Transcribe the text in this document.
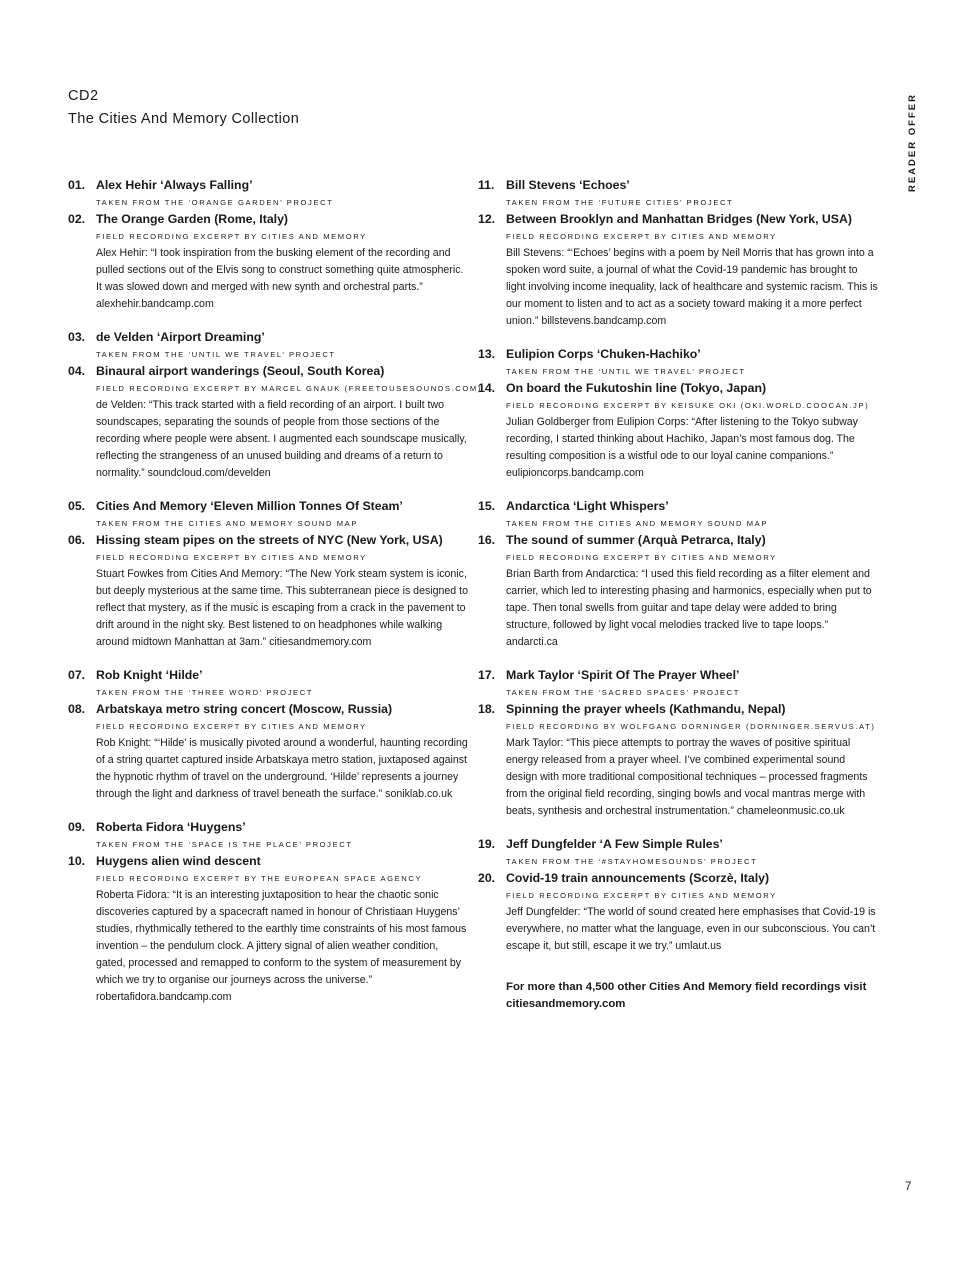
CD2
The Cities And Memory Collection	READER OFFER
01. Alex Hehir ‘Always Falling’
TAKEN FROM THE ‘ORANGE GARDEN’ PROJECT
02. The Orange Garden (Rome, Italy)
FIELD RECORDING EXCERPT BY CITIES AND MEMORY

Alex Hehir: “I took inspiration from the busking element of the recording and pulled sections out of the Elvis song to construct something quite atmospheric. It was slowed down and merged with new synth and orchestral parts.” alexhehir.bandcamp.com

03. de Velden ‘Airport Dreaming’
TAKEN FROM THE ‘UNTIL WE TRAVEL’ PROJECT
04. Binaural airport wanderings (Seoul, South Korea)
FIELD RECORDING EXCERPT BY MARCEL GNAUK (FREETOUSESOUNDS.COM)

de Velden: “This track started with a field recording of an airport. I built two soundscapes, separating the sounds of people from those sections of the recording where people were absent. I augmented each soundscape musically, reflecting the strangeness of an unused building and dreams of a return to normality.” soundcloud.com/develden

05. Cities And Memory ‘Eleven Million Tonnes Of Steam’
TAKEN FROM THE CITIES AND MEMORY SOUND MAP
06. Hissing steam pipes on the streets of NYC (New York, USA)
FIELD RECORDING EXCERPT BY CITIES AND MEMORY

Stuart Fowkes from Cities And Memory: “The New York steam system is iconic, but deeply mysterious at the same time. This subterranean piece is designed to reflect that mystery, as if the music is escaping from a crack in the pavement to drift around in the night sky. Best listened to on headphones while walking around midtown Manhattan at 3am.” citiesandmemory.com

07. Rob Knight ‘Hilde’
TAKEN FROM THE ‘THREE WORD’ PROJECT
08. Arbatskaya metro string concert (Moscow, Russia)
FIELD RECORDING EXCERPT BY CITIES AND MEMORY

Rob Knight: “‘Hilde’ is musically pivoted around a wonderful, haunting recording of a string quartet captured inside Arbatskaya metro station, juxtaposed against the hypnotic rhythm of travel on the underground. ‘Hilde’ represents a journey through the light and darkness of travel beneath the surface.” soniklab.co.uk

09. Roberta Fidora ‘Huygens’
TAKEN FROM THE ‘SPACE IS THE PLACE’ PROJECT
10. Huygens alien wind descent
FIELD RECORDING EXCERPT BY THE EUROPEAN SPACE AGENCY

Roberta Fidora: “It is an interesting juxtaposition to hear the chaotic sonic discoveries captured by a spacecraft named in honour of Christiaan Huygens’ studies, rhythmically tethered to the earthly time constraints of his most famous invention – the pendulum clock. A jittery signal of alien weather condition, gated, processed and remapped to conform to the system of measurement by which we try to organise our journeys across the universe.” robertafidora.bandcamp.com

11. Bill Stevens ‘Echoes’
TAKEN FROM THE ‘FUTURE CITIES’ PROJECT
12. Between Brooklyn and Manhattan Bridges (New York, USA)
FIELD RECORDING EXCERPT BY CITIES AND MEMORY

Bill Stevens: “‘Echoes’ begins with a poem by Neil Morris that has grown into a spoken word suite, a journal of what the Covid-19 pandemic has brought to light involving income inequality, lack of healthcare and systemic racism. This is our moment to listen and to act as a society toward making it a more perfect union.” billstevens.bandcamp.com

13. Eulipion Corps ‘Chuken-Hachiko’
TAKEN FROM THE ‘UNTIL WE TRAVEL’ PROJECT
14. On board the Fukutoshin line (Tokyo, Japan)
FIELD RECORDING EXCERPT BY KEISUKE OKI (OKI.WORLD.COOCAN.JP)

Julian Goldberger from Eulipion Corps: “After listening to the Tokyo subway recording, I started thinking about Hachiko, Japan’s most famous dog. The resulting composition is a wistful ode to our loyal canine companions.” eulipioncorps.bandcamp.com

15. Andarctica ‘Light Whispers’
TAKEN FROM THE CITIES AND MEMORY SOUND MAP
16. The sound of summer (Arquà Petrarca, Italy)
FIELD RECORDING EXCERPT BY CITIES AND MEMORY

Brian Barth from Andarctica: “I used this field recording as a filter element and carrier, which led to interesting phasing and harmonics, especially when put to tape. Then tonal swells from guitar and tape delay were added to bring structure, followed by light vocal melodies tracked live to tape loops.” andarcti.ca

17. Mark Taylor ‘Spirit Of The Prayer Wheel’
TAKEN FROM THE ‘SACRED SPACES’ PROJECT
18. Spinning the prayer wheels (Kathmandu, Nepal)
FIELD RECORDING BY WOLFGANG DORNINGER (DORNINGER.SERVUS.AT)

Mark Taylor: “This piece attempts to portray the waves of positive spiritual energy released from a prayer wheel. I’ve combined experimental sound design with more traditional compositional techniques – processed fragments from the original field recording, singing bowls and vocal mantras merge with beats, synthesis and orchestral instrumentation.” chameleonmusic.co.uk

19. Jeff Dungfelder ‘A Few Simple Rules’
TAKEN FROM THE ‘#STAYHOMESOUNDS’ PROJECT
20. Covid-19 train announcements (Scorzè, Italy)
FIELD RECORDING EXCERPT BY CITIES AND MEMORY

Jeff Dungfelder: “The world of sound created here emphasises that Covid-19 is everywhere, no matter what the language, even in our subconscious. You can’t escape it, but still, escape it we try.” umlaut.us

For more than 4,500 other Cities And Memory field recordings visit citiesandmemory.com
7
